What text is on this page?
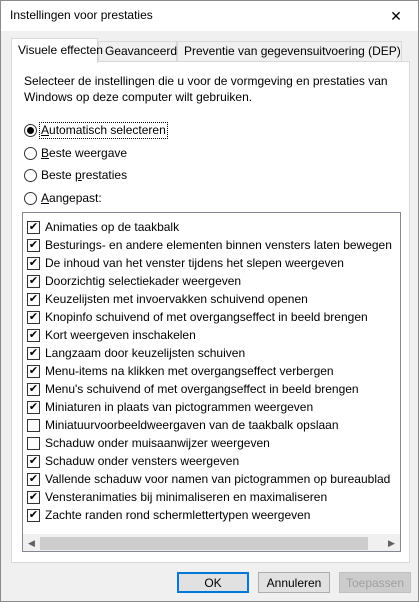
Instellingen voor prestaties	✕
Visuele effecten Geavanceerd Preventie van gegevensuitvoering (DEP)
Selecteer de instellingen die u voor de vormgeving en prestaties van Windows op deze computer wilt gebruiken.
Automatisch selecteren
Beste weergave
Beste prestaties
Aangepast:
✔ Zachte randen rond schermlettertypen weergeven
✔ Vensteranimaties bij minimaliseren en maximaliseren
✔ Vallende schaduw voor namen van pictogrammen op bureaublad
✔ Schaduw onder vensters weergeven
Schaduw onder muisaanwijzer weergeven
Miniatuurvoorbeeldweergaven van de taakbalk opslaan
✔ Miniaturen in plaats van pictogrammen weergeven
✔ Menu's schuivend of met overgangseffect in beeld brengen
✔ Menu-items na klikken met overgangseffect verbergen
✔ Langzaam door keuzelijsten schuiven
✔ Kort weergeven inschakelen
✔ Knopinfo schuivend of met overgangseffect in beeld brengen
✔ Keuzelijsten met invoervakken schuivend openen
✔ Doorzichtig selectiekader weergeven
✔ De inhoud van het venster tijdens het slepen weergeven
✔ Besturings- en andere elementen binnen vensters laten bewegen
✔ Animaties op de taakbalk
◀	▶
OK	Annuleren	Toepassen
